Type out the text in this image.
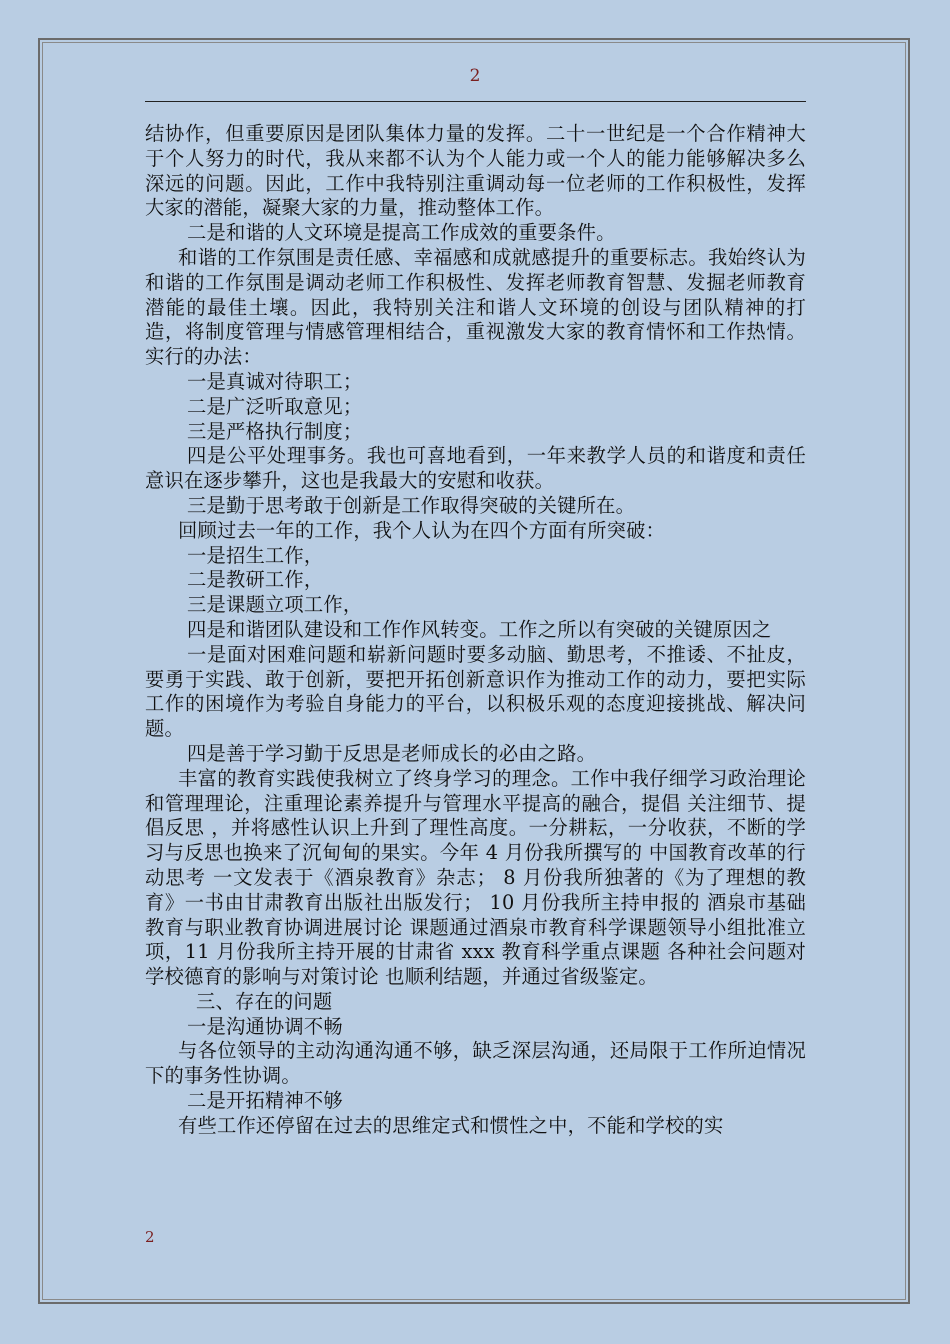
2

结协作，但重要原因是团队集体力量的发挥。二十一世纪是一个合作精神大于个人努力的时代，我从来都不认为个人能力或一个人的能力能够解决多么深远的问题。因此，工作中我特别注重调动每一位老师的工作积极性，发挥大家的潜能，凝聚大家的力量，推动整体工作。

二是和谐的人文环境是提高工作成效的重要条件。

和谐的工作氛围是责任感、幸福感和成就感提升的重要标志。我始终认为和谐的工作氛围是调动老师工作积极性、发挥老师教育智慧、发掘老师教育潜能的最佳土壤。因此，我特别关注和谐人文环境的创设与团队精神的打造，将制度管理与情感管理相结合，重视激发大家的教育情怀和工作热情。实行的办法：

一是真诚对待职工；

二是广泛听取意见；

三是严格执行制度；

四是公平处理事务。我也可喜地看到，一年来教学人员的和谐度和责任意识在逐步攀升，这也是我最大的安慰和收获。

三是勤于思考敢于创新是工作取得突破的关键所在。

回顾过去一年的工作，我个人认为在四个方面有所突破：

一是招生工作，

二是教研工作，

三是课题立项工作，

四是和谐团队建设和工作作风转变。工作之所以有突破的关键原因之

一是面对困难问题和崭新问题时要多动脑、勤思考，不推诿、不扯皮，要勇于实践、敢于创新，要把开拓创新意识作为推动工作的动力，要把实际工作的困境作为考验自身能力的平台，以积极乐观的态度迎接挑战、解决问题。

四是善于学习勤于反思是老师成长的必由之路。

丰富的教育实践使我树立了终身学习的理念。工作中我仔细学习政治理论和管理理论，注重理论素养提升与管理水平提高的融合，提倡 关注细节、提倡反思 ，并将感性认识上升到了理性高度。一分耕耘，一分收获，不断的学习与反思也换来了沉甸甸的果实。今年 4 月份我所撰写的 中国教育改革的行动思考 一文发表于《酒泉教育》杂志； 8 月份我所独著的《为了理想的教育》一书由甘肃教育出版社出版发行； 10 月份我所主持申报的 酒泉市基础教育与职业教育协调进展讨论 课题通过酒泉市教育科学课题领导小组批准立项，11 月份我所主持开展的甘肃省 xxx 教育科学重点课题 各种社会问题对学校德育的影响与对策讨论 也顺利结题，并通过省级鉴定。

三、存在的问题

一是沟通协调不畅

与各位领导的主动沟通沟通不够，缺乏深层沟通，还局限于工作所迫情况下的事务性协调。

二是开拓精神不够

有些工作还停留在过去的思维定式和惯性之中，不能和学校的实

2
